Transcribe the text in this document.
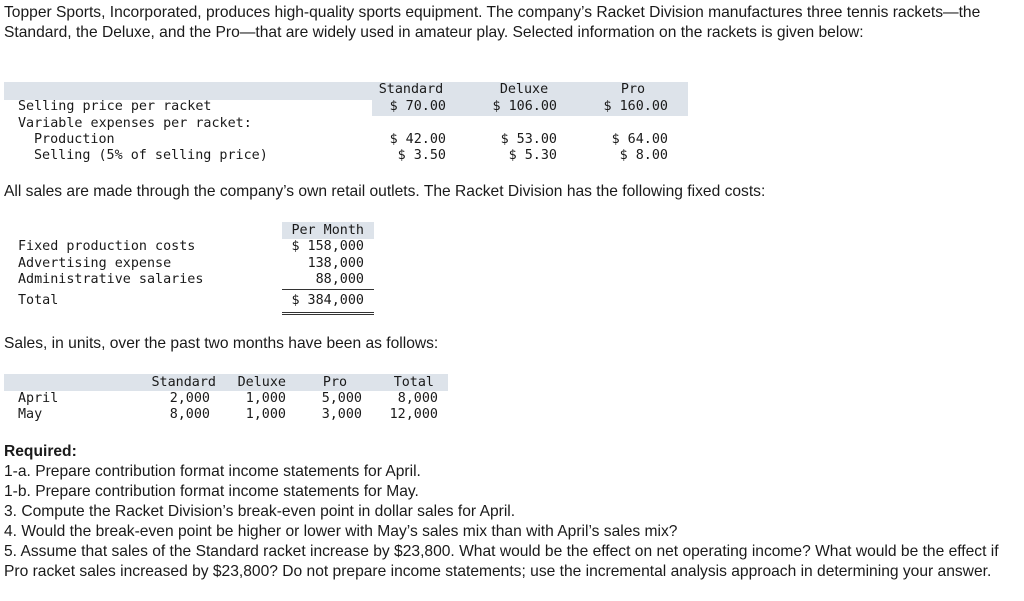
Topper Sports, Incorporated, produces high-quality sports equipment. The company’s Racket Division manufactures three tennis rackets—the Standard, the Deluxe, and the Pro—that are widely used in amateur play. Selected information on the rackets is given below:
Standard	Deluxe	Pro
Selling price per racket	$ 70.00	$ 106.00	$ 160.00
Variable expenses per racket:
Production	$ 42.00	$ 53.00	$ 64.00
Selling (5% of selling price)	$ 3.50	$ 5.30	$ 8.00
All sales are made through the company’s own retail outlets. The Racket Division has the following fixed costs:
Per Month
Fixed production costs	$ 158,000
Advertising expense	138,000
Administrative salaries	88,000
Total	$ 384,000
Sales, in units, over the past two months have been as follows:
Standard	Deluxe	Pro	Total
April	2,000	1,000	5,000	8,000
May	8,000	1,000	3,000	12,000
Required:
1-a. Prepare contribution format income statements for April.
1-b. Prepare contribution format income statements for May.
3. Compute the Racket Division’s break-even point in dollar sales for April.
4. Would the break-even point be higher or lower with May’s sales mix than with April’s sales mix?
5. Assume that sales of the Standard racket increase by $23,800. What would be the effect on net operating income? What would be the effect if Pro racket sales increased by $23,800? Do not prepare income statements; use the incremental analysis approach in determining your answer.
